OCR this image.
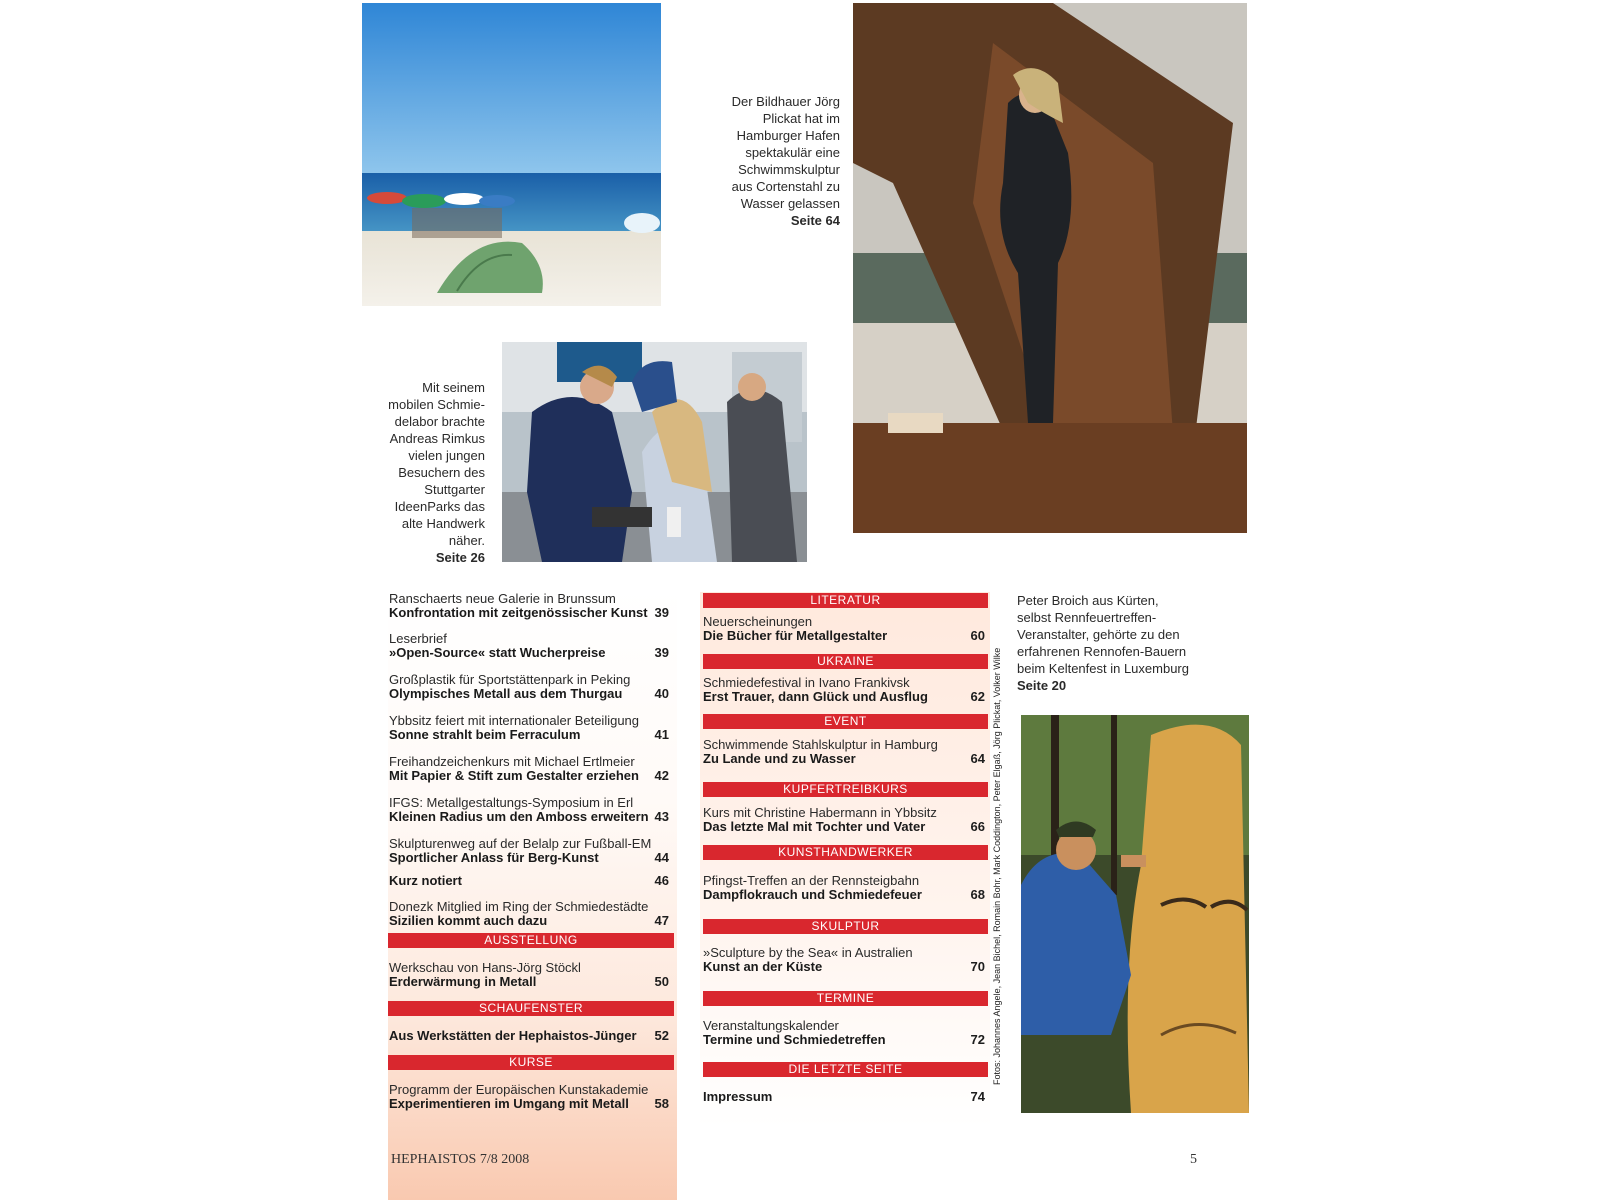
Der Bildhauer Jörg
Plickat hat im
Hamburger Hafen
spektakulär eine
Schwimmskulptur
aus Cortenstahl zu
Wasser gelassen
Seite 64
Mit seinem
mobilen Schmie-
delabor brachte
Andreas Rimkus
vielen jungen
Besuchern des
Stuttgarter
IdeenParks das
alte Handwerk
näher.
Seite 26
Peter Broich aus Kürten,
selbst Rennfeuertreffen-
Veranstalter, gehörte zu den
erfahrenen Rennofen-Bauern
beim Keltenfest in Luxemburg
Seite 20
Ranschaerts neue Galerie in Brunssum
Konfrontation mit zeitgenössischer Kunst 39
Leserbrief
»Open-Source« statt Wucherpreise	39
Großplastik für Sportstättenpark in Peking
Olympisches Metall aus dem Thurgau	40
Ybbsitz feiert mit internationaler Beteiligung
Sonne strahlt beim Ferraculum	41
Freihandzeichenkurs mit Michael Ertlmeier
Mit Papier & Stift zum Gestalter erziehen	42
IFGS: Metallgestaltungs-Symposium in Erl
Kleinen Radius um den Amboss erweitern 43
Skulpturenweg auf der Belalp zur Fußball-EM
Sportlicher Anlass für Berg-Kunst	44
Kurz notiert	46
Donezk Mitglied im Ring der Schmiedestädte
Sizilien kommt auch dazu	47
AUSSTELLUNG
Werkschau von Hans-Jörg Stöckl
Erderwärmung in Metall	50
SCHAUFENSTER
Aus Werkstätten der Hephaistos-Jünger	52
KURSE
Programm der Europäischen Kunstakademie
Experimentieren im Umgang mit Metall	58
LITERATUR
Neuerscheinungen
Die Bücher für Metallgestalter	60
UKRAINE
Schmiedefestival in Ivano Frankivsk
Erst Trauer, dann Glück und Ausflug	62
EVENT
Schwimmende Stahlskulptur in Hamburg
Zu Lande und zu Wasser	64
KUPFERTREIBKURS
Kurs mit Christine Habermann in Ybbsitz
Das letzte Mal mit Tochter und Vater	66
KUNSTHANDWERKER
Pfingst-Treffen an der Rennsteigbahn
Dampflokrauch und Schmiedefeuer	68
SKULPTUR
»Sculpture by the Sea« in Australien
Kunst an der Küste	70
TERMINE
Veranstaltungskalender
Termine und Schmiedetreffen	72
DIE LETZTE SEITE
Impressum	74
Fotos: Johannes Angele, Jean Bichel, Romain Bohr, Mark Coddington, Peter Elgaß, Jörg Plickat, Volker Wilke
HEPHAISTOS 7/8 2008	5
